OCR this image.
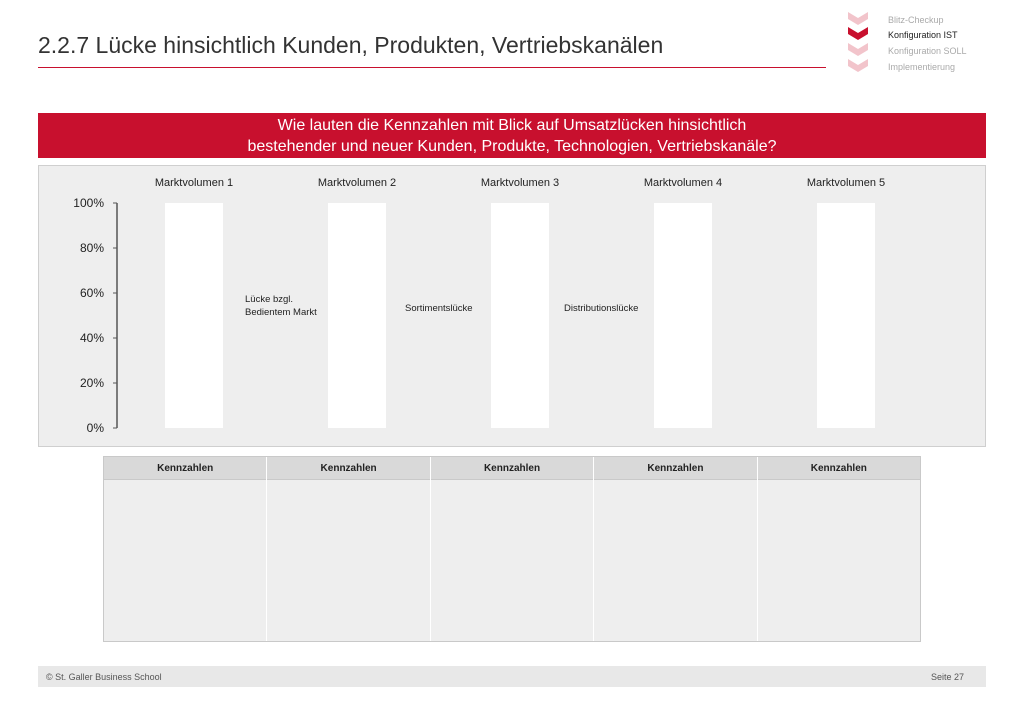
2.2.7 Lücke hinsichtlich Kunden, Produkten, Vertriebskanälen
Blitz-Checkup
Konfiguration IST
Konfiguration SOLL
Implementierung
Wie lauten die Kennzahlen mit Blick auf Umsatzlücken hinsichtlich
bestehender und neuer Kunden, Produkte, Technologien, Vertriebskanäle?
0%
20%
40%
60%
80%
100%
Marktvolumen 1	Marktvolumen 2	Marktvolumen 3	Marktvolumen 4	Marktvolumen 5
Lücke bzgl. Bedientem Markt	Sortimentslücke	Distributionslücke
Kennzahlen	Kennzahlen	Kennzahlen	Kennzahlen	Kennzahlen
© St. Galler Business School	Seite 27
